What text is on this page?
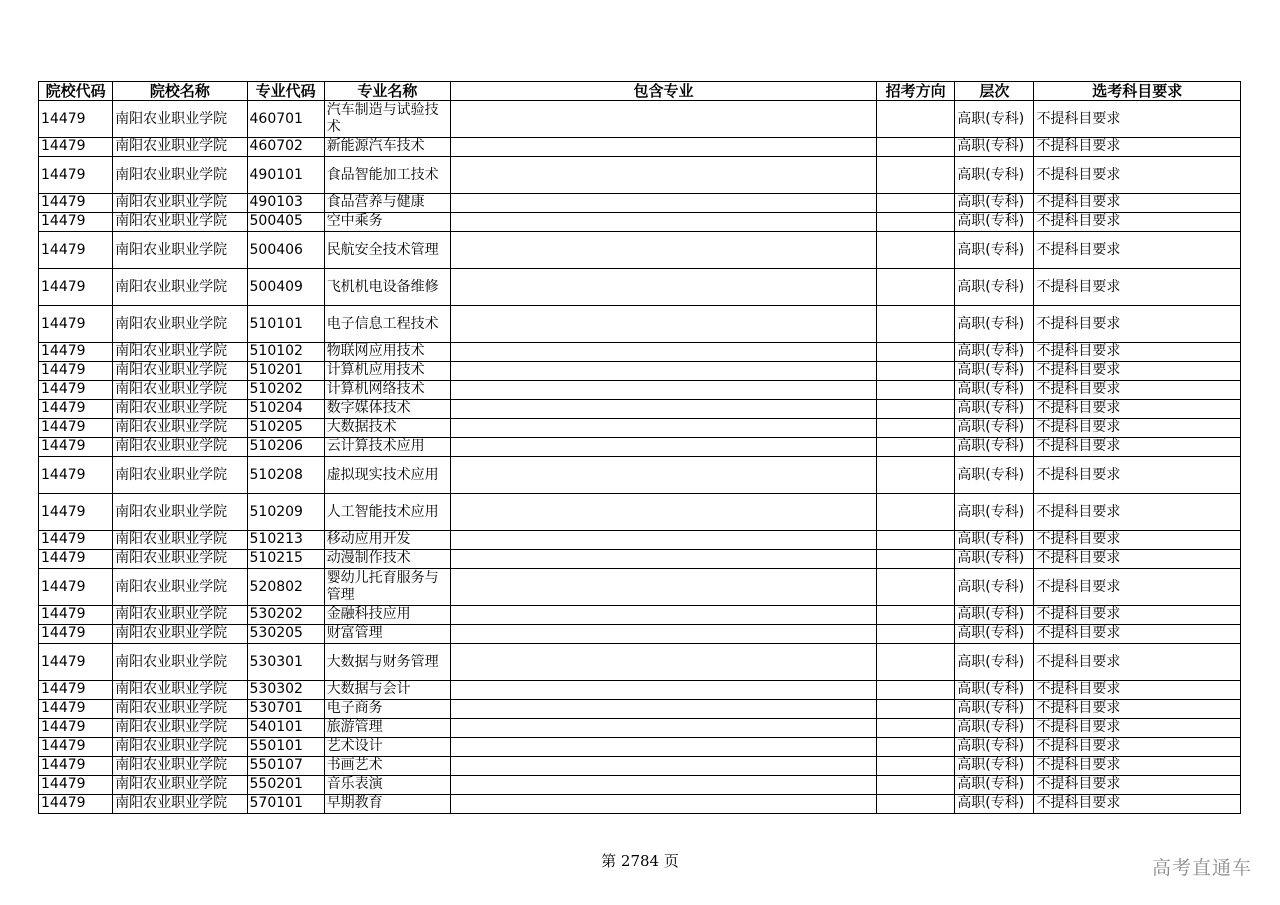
院校代码	院校名称	专业代码	专业名称	包含专业	招考方向	层次	选考科目要求

14479	南阳农业职业学院	460701	汽车制造与试验技术			高职(专科)	不提科目要求

14479	南阳农业职业学院	460702	新能源汽车技术			高职(专科)	不提科目要求

14479	南阳农业职业学院	490101	食品智能加工技术			高职(专科)	不提科目要求

14479	南阳农业职业学院	490103	食品营养与健康			高职(专科)	不提科目要求

14479	南阳农业职业学院	500405	空中乘务			高职(专科)	不提科目要求

14479	南阳农业职业学院	500406	民航安全技术管理			高职(专科)	不提科目要求

14479	南阳农业职业学院	500409	飞机机电设备维修			高职(专科)	不提科目要求

14479	南阳农业职业学院	510101	电子信息工程技术			高职(专科)	不提科目要求

14479	南阳农业职业学院	510102	物联网应用技术			高职(专科)	不提科目要求

14479	南阳农业职业学院	510201	计算机应用技术			高职(专科)	不提科目要求

14479	南阳农业职业学院	510202	计算机网络技术			高职(专科)	不提科目要求

14479	南阳农业职业学院	510204	数字媒体技术			高职(专科)	不提科目要求

14479	南阳农业职业学院	510205	大数据技术			高职(专科)	不提科目要求

14479	南阳农业职业学院	510206	云计算技术应用			高职(专科)	不提科目要求

14479	南阳农业职业学院	510208	虚拟现实技术应用			高职(专科)	不提科目要求

14479	南阳农业职业学院	510209	人工智能技术应用			高职(专科)	不提科目要求

14479	南阳农业职业学院	510213	移动应用开发			高职(专科)	不提科目要求

14479	南阳农业职业学院	510215	动漫制作技术			高职(专科)	不提科目要求

14479	南阳农业职业学院	520802	婴幼儿托育服务与管理			高职(专科)	不提科目要求

14479	南阳农业职业学院	530202	金融科技应用			高职(专科)	不提科目要求

14479	南阳农业职业学院	530205	财富管理			高职(专科)	不提科目要求

14479	南阳农业职业学院	530301	大数据与财务管理			高职(专科)	不提科目要求

14479	南阳农业职业学院	530302	大数据与会计			高职(专科)	不提科目要求

14479	南阳农业职业学院	530701	电子商务			高职(专科)	不提科目要求

14479	南阳农业职业学院	540101	旅游管理			高职(专科)	不提科目要求

14479	南阳农业职业学院	550101	艺术设计			高职(专科)	不提科目要求

14479	南阳农业职业学院	550107	书画艺术			高职(专科)	不提科目要求

14479	南阳农业职业学院	550201	音乐表演			高职(专科)	不提科目要求

14479	南阳农业职业学院	570101	早期教育			高职(专科)	不提科目要求
第 2784 页	高考直通车
